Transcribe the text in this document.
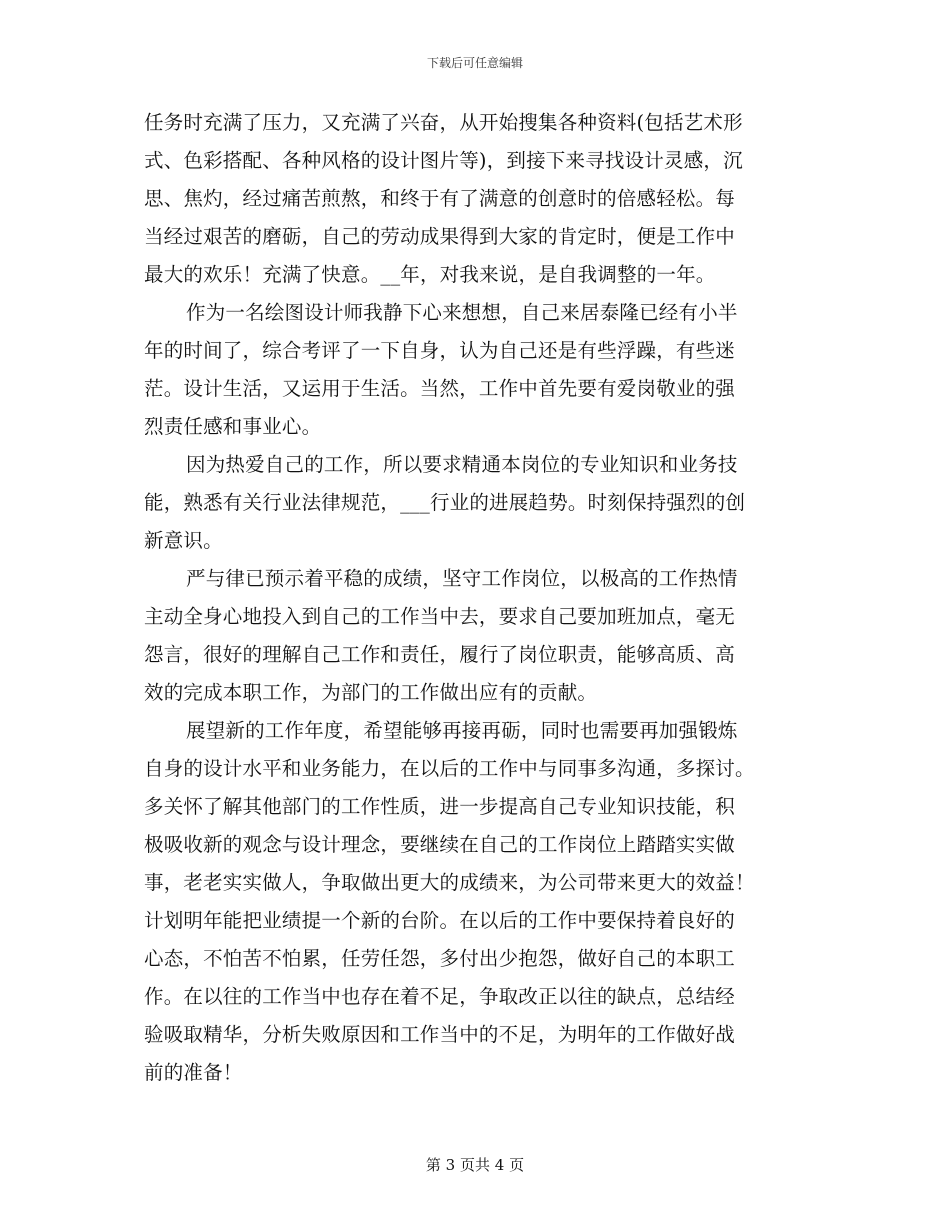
下载后可任意编辑
任务时充满了压力，又充满了兴奋，从开始搜集各种资料(包括艺术形
式、色彩搭配、各种风格的设计图片等)，到接下来寻找设计灵感，沉
思、焦灼，经过痛苦煎熬，和终于有了满意的创意时的倍感轻松。每
当经过艰苦的磨砺，自己的劳动成果得到大家的肯定时，便是工作中
最大的欢乐！充满了快意。__年，对我来说，是自我调整的一年。
作为一名绘图设计师我静下心来想想，自己来居泰隆已经有小半
年的时间了，综合考评了一下自身，认为自己还是有些浮躁，有些迷
茫。设计生活，又运用于生活。当然，工作中首先要有爱岗敬业的强
烈责任感和事业心。
因为热爱自己的工作，所以要求精通本岗位的专业知识和业务技
能，熟悉有关行业法律规范，___行业的进展趋势。时刻保持强烈的创
新意识。
严与律已预示着平稳的成绩，坚守工作岗位，以极高的工作热情
主动全身心地投入到自己的工作当中去，要求自己要加班加点，毫无
怨言，很好的理解自己工作和责任，履行了岗位职责，能够高质、高
效的完成本职工作，为部门的工作做出应有的贡献。
展望新的工作年度，希望能够再接再砺，同时也需要再加强锻炼
自身的设计水平和业务能力，在以后的工作中与同事多沟通，多探讨。
多关怀了解其他部门的工作性质，进一步提高自己专业知识技能，积
极吸收新的观念与设计理念，要继续在自己的工作岗位上踏踏实实做
事，老老实实做人，争取做出更大的成绩来，为公司带来更大的效益！
计划明年能把业绩提一个新的台阶。在以后的工作中要保持着良好的
心态，不怕苦不怕累，任劳任怨，多付出少抱怨，做好自己的本职工
作。在以往的工作当中也存在着不足，争取改正以往的缺点，总结经
验吸取精华，分析失败原因和工作当中的不足，为明年的工作做好战
前的准备！
第 3 页共 4 页
